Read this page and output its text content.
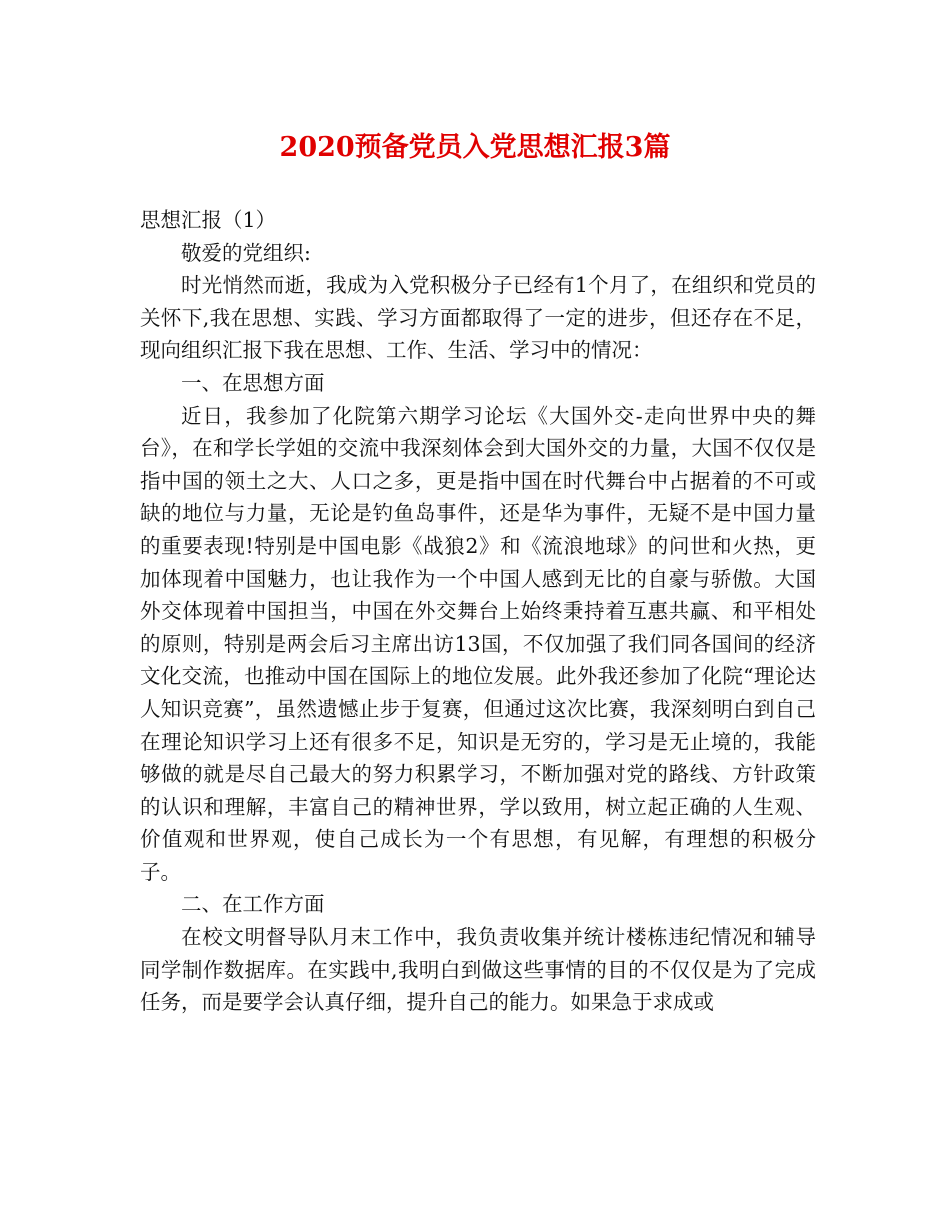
2020预备党员入党思想汇报3篇

思想汇报（1）

敬爱的党组织:

时光悄然而逝，我成为入党积极分子已经有1个月了，在组织和党员的关怀下,我在思想、实践、学习方面都取得了一定的进步，但还存在不足，现向组织汇报下我在思想、工作、生活、学习中的情况：

一、在思想方面

近日，我参加了化院第六期学习论坛《大国外交-走向世界中央的舞台》，在和学长学姐的交流中我深刻体会到大国外交的力量，大国不仅仅是指中国的领土之大、人口之多，更是指中国在时代舞台中占据着的不可或缺的地位与力量，无论是钓鱼岛事件，还是华为事件，无疑不是中国力量的重要表现!特别是中国电影《战狼2》和《流浪地球》的问世和火热，更加体现着中国魅力，也让我作为一个中国人感到无比的自豪与骄傲。大国外交体现着中国担当，中国在外交舞台上始终秉持着互惠共赢、和平相处的原则，特别是两会后习主席出访13国，不仅加强了我们同各国间的经济文化交流，也推动中国在国际上的地位发展。此外我还参加了化院“理论达人知识竞赛”，虽然遗憾止步于复赛，但通过这次比赛，我深刻明白到自己在理论知识学习上还有很多不足，知识是无穷的，学习是无止境的，我能够做的就是尽自己最大的努力积累学习，不断加强对党的路线、方针政策的认识和理解，丰富自己的精神世界，学以致用，树立起正确的人生观、价值观和世界观，使自己成长为一个有思想，有见解，有理想的积极分子。

二、在工作方面

在校文明督导队月末工作中，我负责收集并统计楼栋违纪情况和辅导同学制作数据库。在实践中,我明白到做这些事情的目的不仅仅是为了完成任务，而是要学会认真仔细，提升自己的能力。如果急于求成或
